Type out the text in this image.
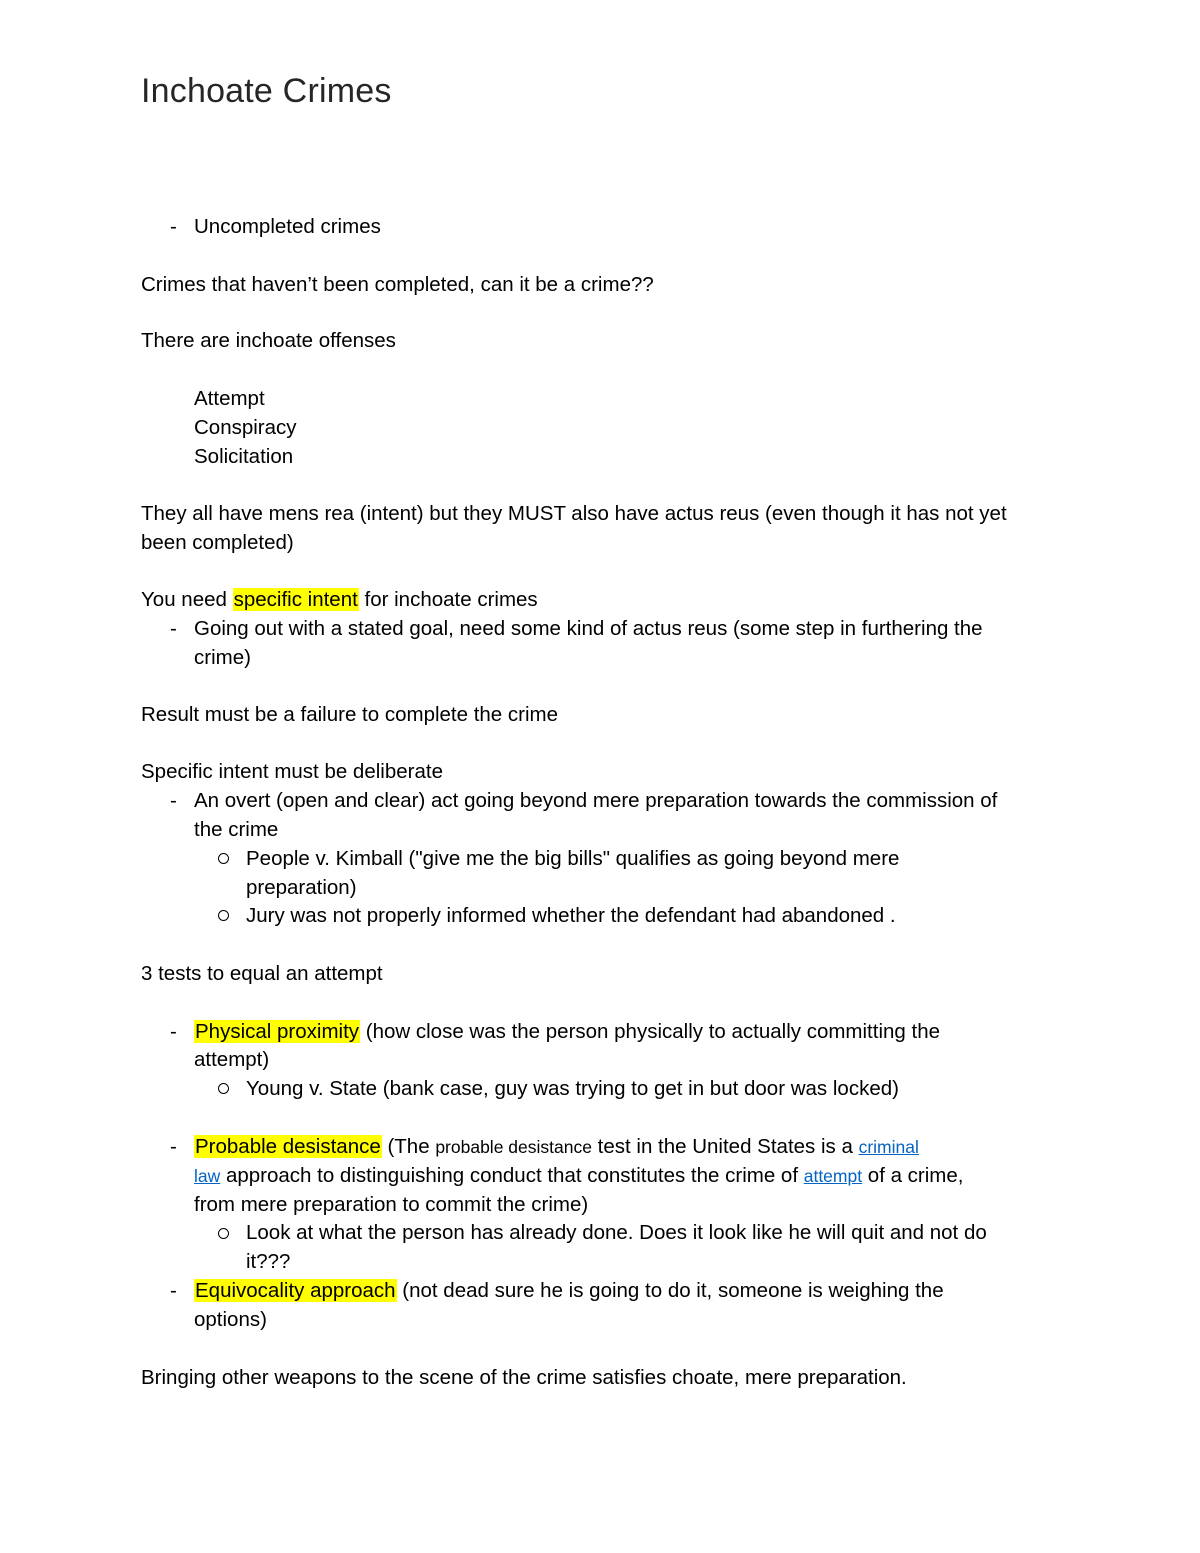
Inchoate Crimes
- Uncompleted crimes
Crimes that haven’t been completed, can it be a crime??
There are inchoate offenses
Attempt
Conspiracy
Solicitation
They all have mens rea (intent) but they MUST also have actus reus (even though it has not yet
been completed)
You need specific intent for inchoate crimes
- Going out with a stated goal, need some kind of actus reus (some step in furthering the
crime)
Result must be a failure to complete the crime
Specific intent must be deliberate
- An overt (open and clear) act going beyond mere preparation towards the commission of
the crime
People v. Kimball ("give me the big bills" qualifies as going beyond mere
preparation)
Jury was not properly informed whether the defendant had abandoned .
3 tests to equal an attempt
- Physical proximity (how close was the person physically to actually committing the
attempt)
Young v. State (bank case, guy was trying to get in but door was locked)
- Probable desistance (The probable desistance test in the United States is a criminal
law approach to distinguishing conduct that constitutes the crime of attempt of a crime,
from mere preparation to commit the crime)
Look at what the person has already done. Does it look like he will quit and not do
it???
- Equivocality approach (not dead sure he is going to do it, someone is weighing the
options)
Bringing other weapons to the scene of the crime satisfies choate, mere preparation.
